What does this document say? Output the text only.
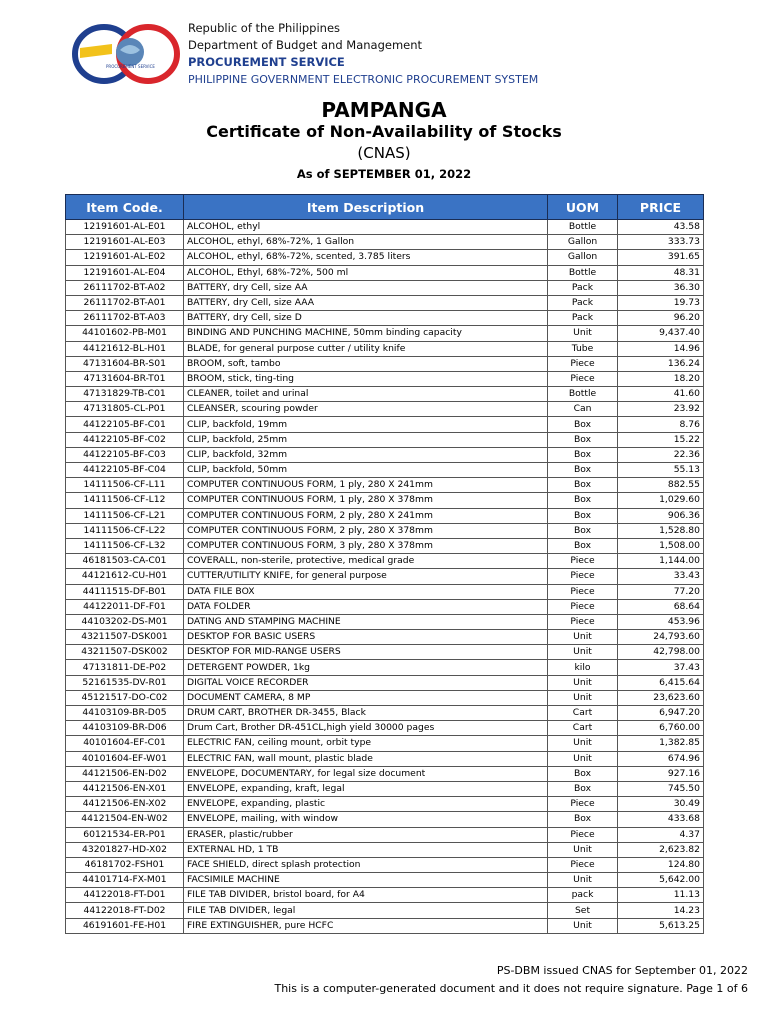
PROCUREMENT SERVICE
Republic of the Philippines
Department of Budget and Management
PROCUREMENT SERVICE
PHILIPPINE GOVERNMENT ELECTRONIC PROCUREMENT SYSTEM
PAMPANGA
Certificate of Non-Availability of Stocks
(CNAS)
As of SEPTEMBER 01, 2022
Item Code.	Item Description	UOM	PRICE
12191601-AL-E01	ALCOHOL, ethyl	Bottle	43.58
12191601-AL-E03	ALCOHOL, ethyl, 68%-72%, 1 Gallon	Gallon	333.73
12191601-AL-E02	ALCOHOL, ethyl, 68%-72%, scented, 3.785 liters	Gallon	391.65
12191601-AL-E04	ALCOHOL, Ethyl, 68%-72%, 500 ml	Bottle	48.31
26111702-BT-A02	BATTERY, dry Cell, size AA	Pack	36.30
26111702-BT-A01	BATTERY, dry Cell, size AAA	Pack	19.73
26111702-BT-A03	BATTERY, dry Cell, size D	Pack	96.20
44101602-PB-M01	BINDING AND PUNCHING MACHINE, 50mm binding capacity	Unit	9,437.40
44121612-BL-H01	BLADE, for general purpose cutter / utility knife	Tube	14.96
47131604-BR-S01	BROOM, soft, tambo	Piece	136.24
47131604-BR-T01	BROOM, stick, ting-ting	Piece	18.20
47131829-TB-C01	CLEANER, toilet and urinal	Bottle	41.60
47131805-CL-P01	CLEANSER, scouring powder	Can	23.92
44122105-BF-C01	CLIP, backfold, 19mm	Box	8.76
44122105-BF-C02	CLIP, backfold, 25mm	Box	15.22
44122105-BF-C03	CLIP, backfold, 32mm	Box	22.36
44122105-BF-C04	CLIP, backfold, 50mm	Box	55.13
14111506-CF-L11	COMPUTER CONTINUOUS FORM, 1 ply, 280 X 241mm	Box	882.55
14111506-CF-L12	COMPUTER CONTINUOUS FORM, 1 ply, 280 X 378mm	Box	1,029.60
14111506-CF-L21	COMPUTER CONTINUOUS FORM, 2 ply, 280 X 241mm	Box	906.36
14111506-CF-L22	COMPUTER CONTINUOUS FORM, 2 ply, 280 X 378mm	Box	1,528.80
14111506-CF-L32	COMPUTER CONTINUOUS FORM, 3 ply, 280 X 378mm	Box	1,508.00
46181503-CA-C01	COVERALL, non-sterile, protective, medical grade	Piece	1,144.00
44121612-CU-H01	CUTTER/UTILITY KNIFE, for general purpose	Piece	33.43
44111515-DF-B01	DATA FILE BOX	Piece	77.20
44122011-DF-F01	DATA FOLDER	Piece	68.64
44103202-DS-M01	DATING AND STAMPING MACHINE	Piece	453.96
43211507-DSK001	DESKTOP FOR BASIC USERS	Unit	24,793.60
43211507-DSK002	DESKTOP FOR MID-RANGE USERS	Unit	42,798.00
47131811-DE-P02	DETERGENT POWDER, 1kg	kilo	37.43
52161535-DV-R01	DIGITAL VOICE RECORDER	Unit	6,415.64
45121517-DO-C02	DOCUMENT CAMERA, 8 MP	Unit	23,623.60
44103109-BR-D05	DRUM CART, BROTHER DR-3455, Black	Cart	6,947.20
44103109-BR-D06	Drum Cart, Brother DR-451CL,high yield 30000 pages	Cart	6,760.00
40101604-EF-C01	ELECTRIC FAN, ceiling mount, orbit type	Unit	1,382.85
40101604-EF-W01	ELECTRIC FAN, wall mount, plastic blade	Unit	674.96
44121506-EN-D02	ENVELOPE, DOCUMENTARY, for legal size document	Box	927.16
44121506-EN-X01	ENVELOPE, expanding, kraft, legal	Box	745.50
44121506-EN-X02	ENVELOPE, expanding, plastic	Piece	30.49
44121504-EN-W02	ENVELOPE, mailing, with window	Box	433.68
60121534-ER-P01	ERASER, plastic/rubber	Piece	4.37
43201827-HD-X02	EXTERNAL HD, 1 TB	Unit	2,623.82
46181702-FSH01	FACE SHIELD, direct splash protection	Piece	124.80
44101714-FX-M01	FACSIMILE MACHINE	Unit	5,642.00
44122018-FT-D01	FILE TAB DIVIDER, bristol board, for A4	pack	11.13
44122018-FT-D02	FILE TAB DIVIDER, legal	Set	14.23
46191601-FE-H01	FIRE EXTINGUISHER, pure HCFC	Unit	5,613.25
PS-DBM issued CNAS for September 01, 2022
This is a computer-generated document and it does not require signature. Page 1 of 6
